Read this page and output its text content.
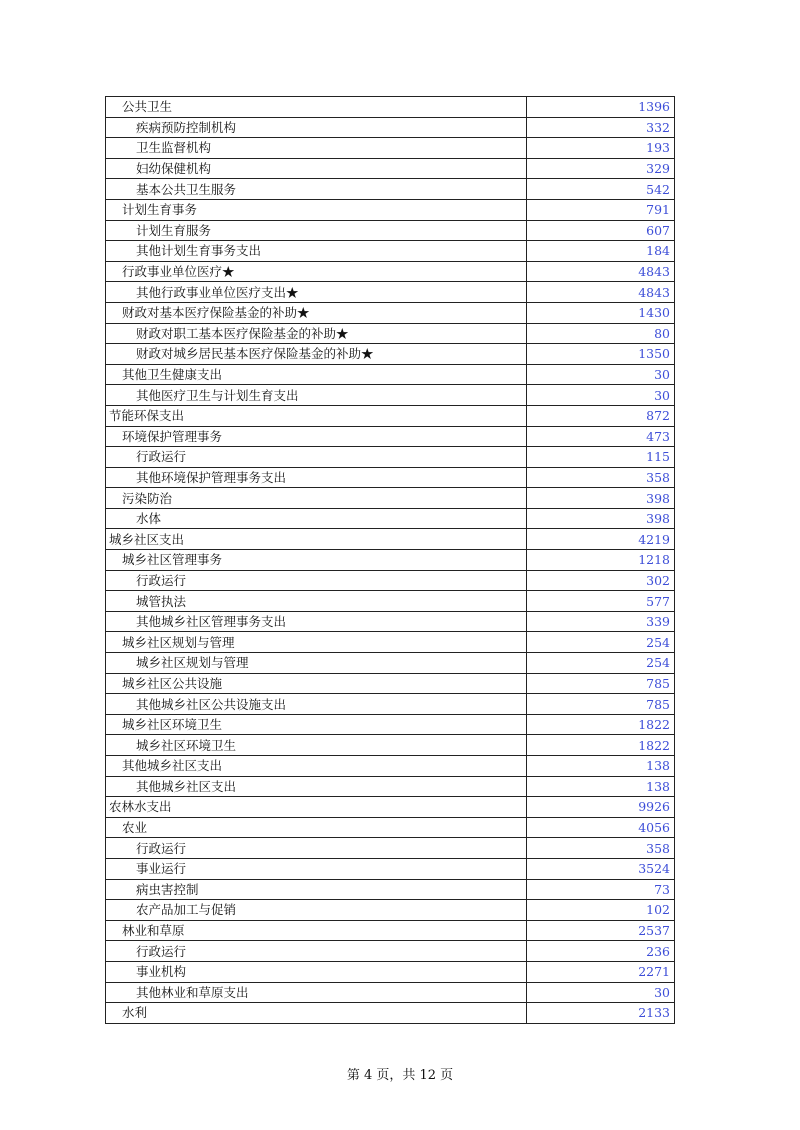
公共卫生	1396
疾病预防控制机构	332
卫生监督机构	193
妇幼保健机构	329
基本公共卫生服务	542
计划生育事务	791
计划生育服务	607
其他计划生育事务支出	184
行政事业单位医疗★	4843
其他行政事业单位医疗支出★	4843
财政对基本医疗保险基金的补助★	1430
财政对职工基本医疗保险基金的补助★	80
财政对城乡居民基本医疗保险基金的补助★	1350
其他卫生健康支出	30
其他医疗卫生与计划生育支出	30
节能环保支出	872
环境保护管理事务	473
行政运行	115
其他环境保护管理事务支出	358
污染防治	398
水体	398
城乡社区支出	4219
城乡社区管理事务	1218
行政运行	302
城管执法	577
其他城乡社区管理事务支出	339
城乡社区规划与管理	254
城乡社区规划与管理	254
城乡社区公共设施	785
其他城乡社区公共设施支出	785
城乡社区环境卫生	1822
城乡社区环境卫生	1822
其他城乡社区支出	138
其他城乡社区支出	138
农林水支出	9926
农业	4056
行政运行	358
事业运行	3524
病虫害控制	73
农产品加工与促销	102
林业和草原	2537
行政运行	236
事业机构	2271
其他林业和草原支出	30
水利	2133
第 4 页，共 12 页
